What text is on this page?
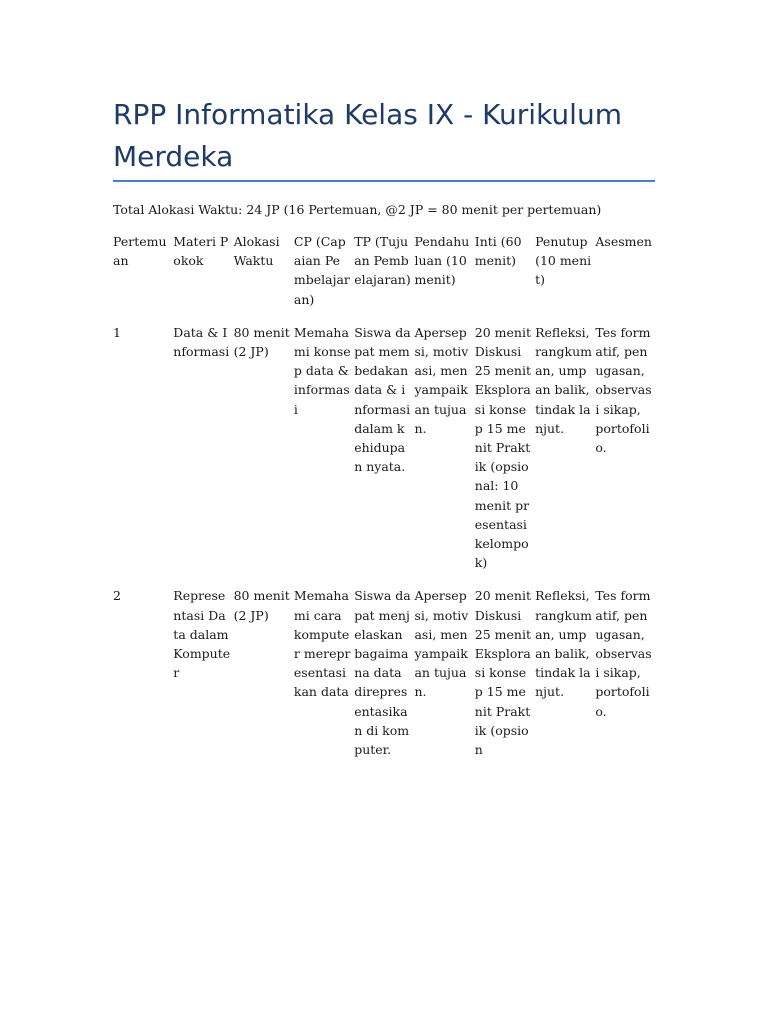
RPP Informatika Kelas IX - Kurikulum Merdeka

Total Alokasi Waktu: 24 JP (16 Pertemuan, @2 JP = 80 menit per pertemuan)

Pertemuan	Materi Pokok	Alokasi Waktu	CP (Capaian Pembelajaran)	TP (Tujuan Pembelajaran)	Pendahuluan (10 menit)	Inti (60 menit)	Penutup (10 menit)	Asesmen
1	Data & Informasi	80 menit (2 JP)	Memahami konsep data & informasi	Siswa dapat membedakan data & informasi dalam kehidupan nyata.	Apersepsi, motivasi, menyampaikan tujuan.	20 menit Diskusi 25 menit Eksplorasi konsep 15 menit Praktik (opsional: 10 menit presentasi kelompok)	Refleksi, rangkuman, umpan balik, tindak lanjut.	Tes formatif, penugasan, observasi sikap, portofolio.
2	Representasi Data dalam Komputer	80 menit (2 JP)	Memahami cara komputer merepresentasikan data	Siswa dapat menjelaskan bagaimana data direpresentasikan di komputer.	Apersepsi, motivasi, menyampaikan tujuan.	20 menit Diskusi 25 menit Eksplorasi konsep 15 menit Praktik (opsion	Refleksi, rangkuman, umpan balik, tindak lanjut.	Tes formatif, penugasan, observasi sikap, portofolio.
